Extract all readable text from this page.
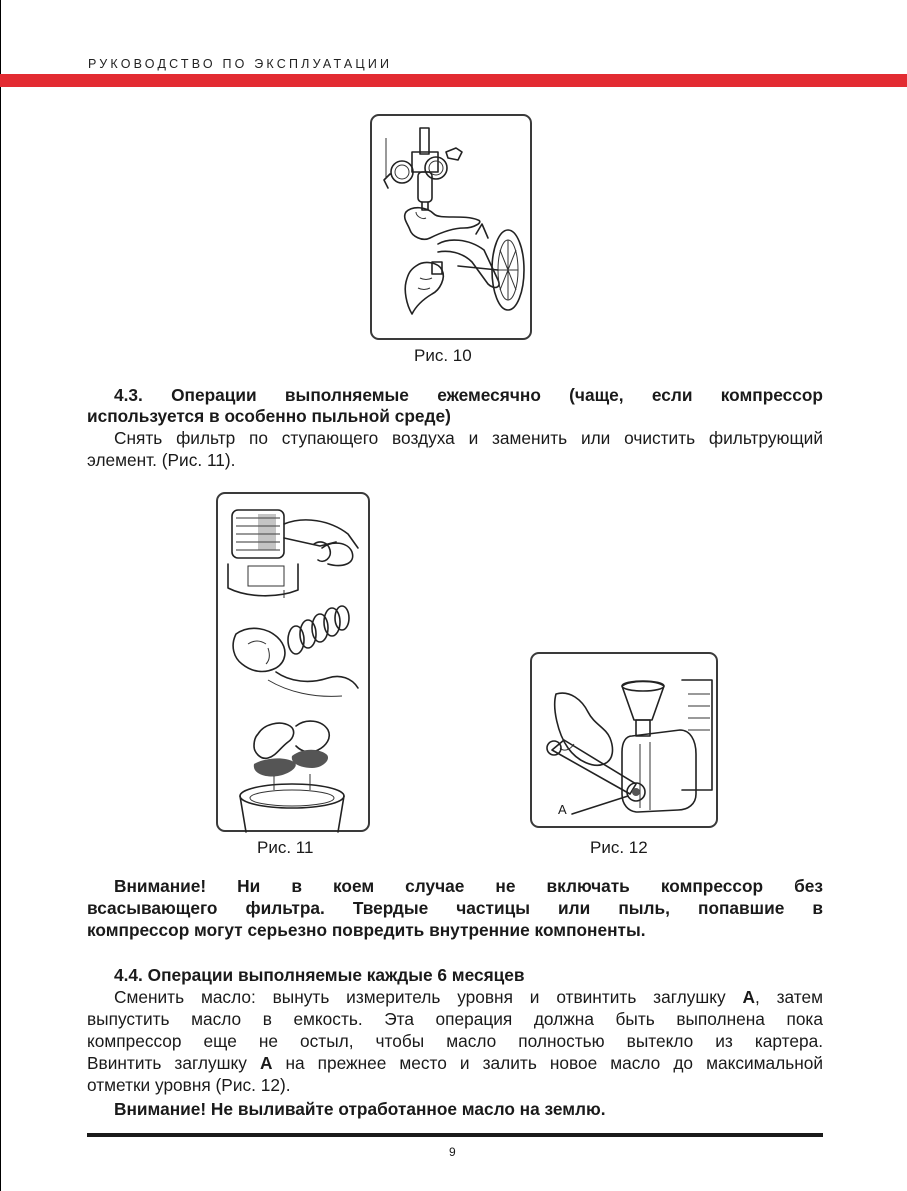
РУКОВОДСТВО ПО ЭКСПЛУАТАЦИИ
Рис. 10
4.3. Операции выполняемые ежемесячно (чаще, если компрессор
используется в особенно пыльной среде)
Снять фильтр по ступающего воздуха и заменить или очистить фильтрующий
элемент. (Рис. 11).
Рис. 11
A
Рис. 12
Внимание! Ни в коем случае не включать компрессор без
всасывающего фильтра. Твердые частицы или пыль, попавшие в
компрессор могут серьезно повредить внутренние компоненты.
4.4. Операции выполняемые каждые 6 месяцев
Сменить масло: вынуть измеритель уровня и отвинтить заглушку A, затем
выпустить масло в емкость. Эта операция должна быть выполнена пока
компрессор еще не остыл, чтобы масло полностью вытекло из картера.
Ввинтить заглушку A на прежнее место и залить новое масло до максимальной
отметки уровня (Рис. 12).
Внимание! Не выливайте отработанное масло на землю.
9
